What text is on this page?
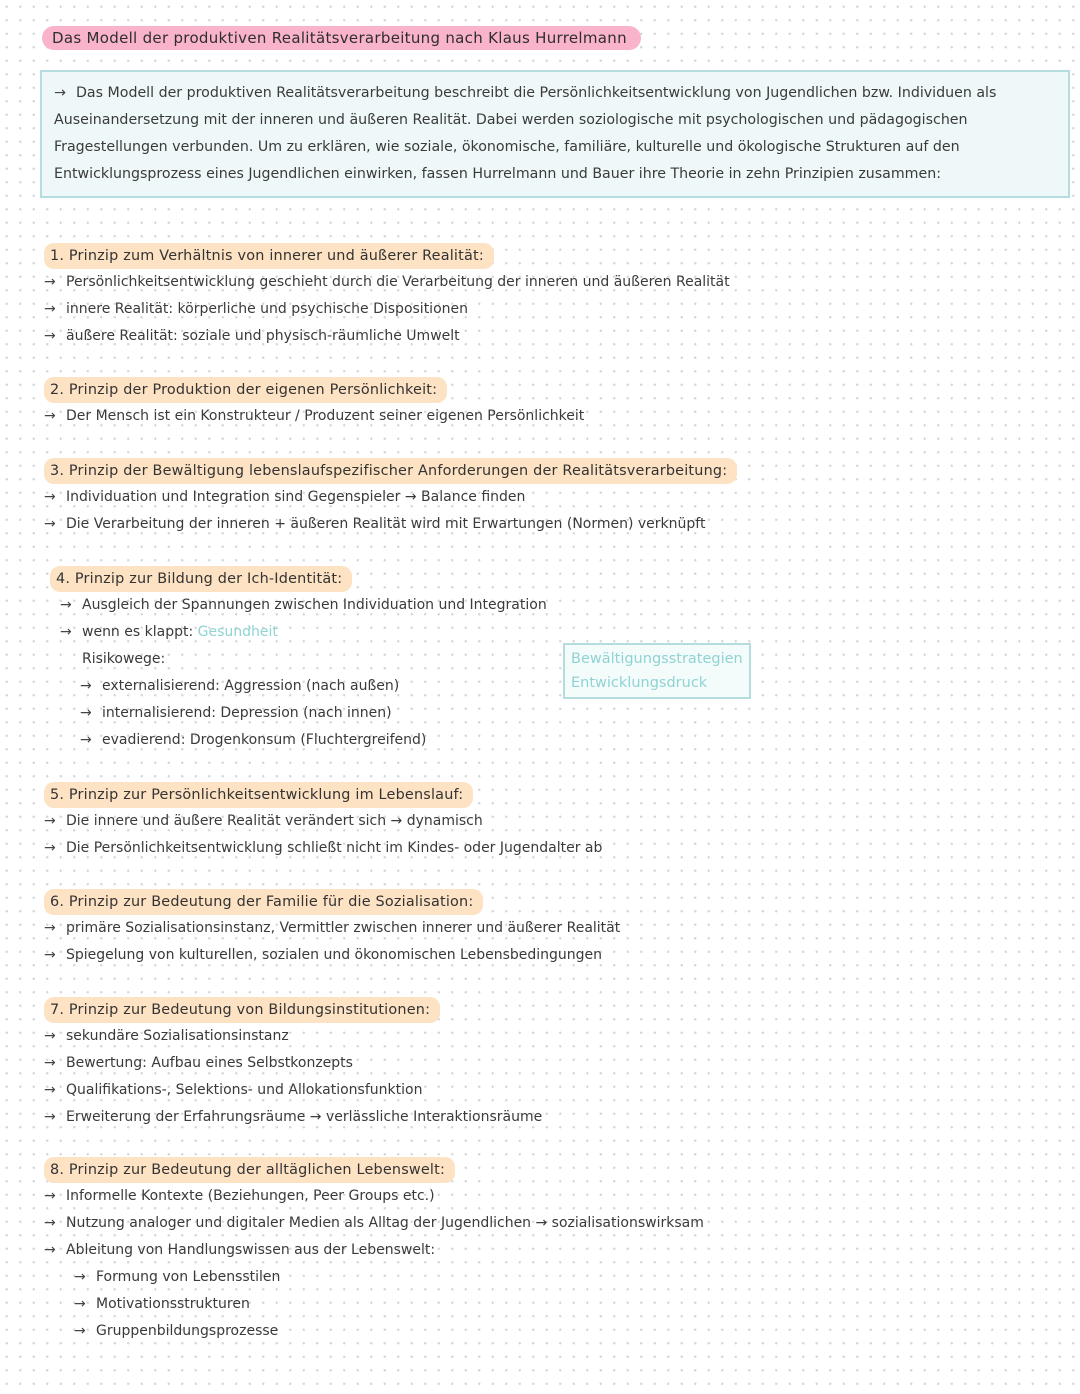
Das Modell der produktiven Realitätsverarbeitung nach Klaus Hurrelmann
→ Das Modell der produktiven Realitätsverarbeitung beschreibt die Persönlichkeitsentwicklung von Jugendlichen bzw. Individuen als Auseinandersetzung mit der inneren und äußeren Realität. Dabei werden soziologische mit psychologischen und pädagogischen Fragestellungen verbunden. Um zu erklären, wie soziale, ökonomische, familiäre, kulturelle und ökologische Strukturen auf den Entwicklungsprozess eines Jugendlichen einwirken, fassen Hurrelmann und Bauer ihre Theorie in zehn Prinzipien zusammen:
1. Prinzip zum Verhältnis von innerer und äußerer Realität:
→ Persönlichkeitsentwicklung geschieht durch die Verarbeitung der inneren und äußeren Realität
→ innere Realität: körperliche und psychische Dispositionen
→ äußere Realität: soziale und physisch-räumliche Umwelt
2. Prinzip der Produktion der eigenen Persönlichkeit:
→ Der Mensch ist ein Konstrukteur / Produzent seiner eigenen Persönlichkeit
3. Prinzip der Bewältigung lebenslaufspezifischer Anforderungen der Realitätsverarbeitung:
→ Individuation und Integration sind Gegenspieler → Balance finden
→ Die Verarbeitung der inneren + äußeren Realität wird mit Erwartungen (Normen) verknüpft
4. Prinzip zur Bildung der Ich-Identität:
→ Ausgleich der Spannungen zwischen Individuation und Integration
→ wenn es klappt: Gesundheit
Risikowege:
→ externalisierend: Aggression (nach außen)
→ internalisierend: Depression (nach innen)
→ evadierend: Drogenkonsum (Fluchtergreifend)
Bewältigungsstrategien
Entwicklungsdruck
5. Prinzip zur Persönlichkeitsentwicklung im Lebenslauf:
→ Die innere und äußere Realität verändert sich → dynamisch
→ Die Persönlichkeitsentwicklung schließt nicht im Kindes- oder Jugendalter ab
6. Prinzip zur Bedeutung der Familie für die Sozialisation:
→ primäre Sozialisationsinstanz, Vermittler zwischen innerer und äußerer Realität
→ Spiegelung von kulturellen, sozialen und ökonomischen Lebensbedingungen
7. Prinzip zur Bedeutung von Bildungsinstitutionen:
→ sekundäre Sozialisationsinstanz
→ Bewertung: Aufbau eines Selbstkonzepts
→ Qualifikations-, Selektions- und Allokationsfunktion
→ Erweiterung der Erfahrungsräume → verlässliche Interaktionsräume
8. Prinzip zur Bedeutung der alltäglichen Lebenswelt:
→ Informelle Kontexte (Beziehungen, Peer Groups etc.)
→ Nutzung analoger und digitaler Medien als Alltag der Jugendlichen → sozialisationswirksam
→ Ableitung von Handlungswissen aus der Lebenswelt:
→ Formung von Lebensstilen
→ Motivationsstrukturen
→ Gruppenbildungsprozesse
